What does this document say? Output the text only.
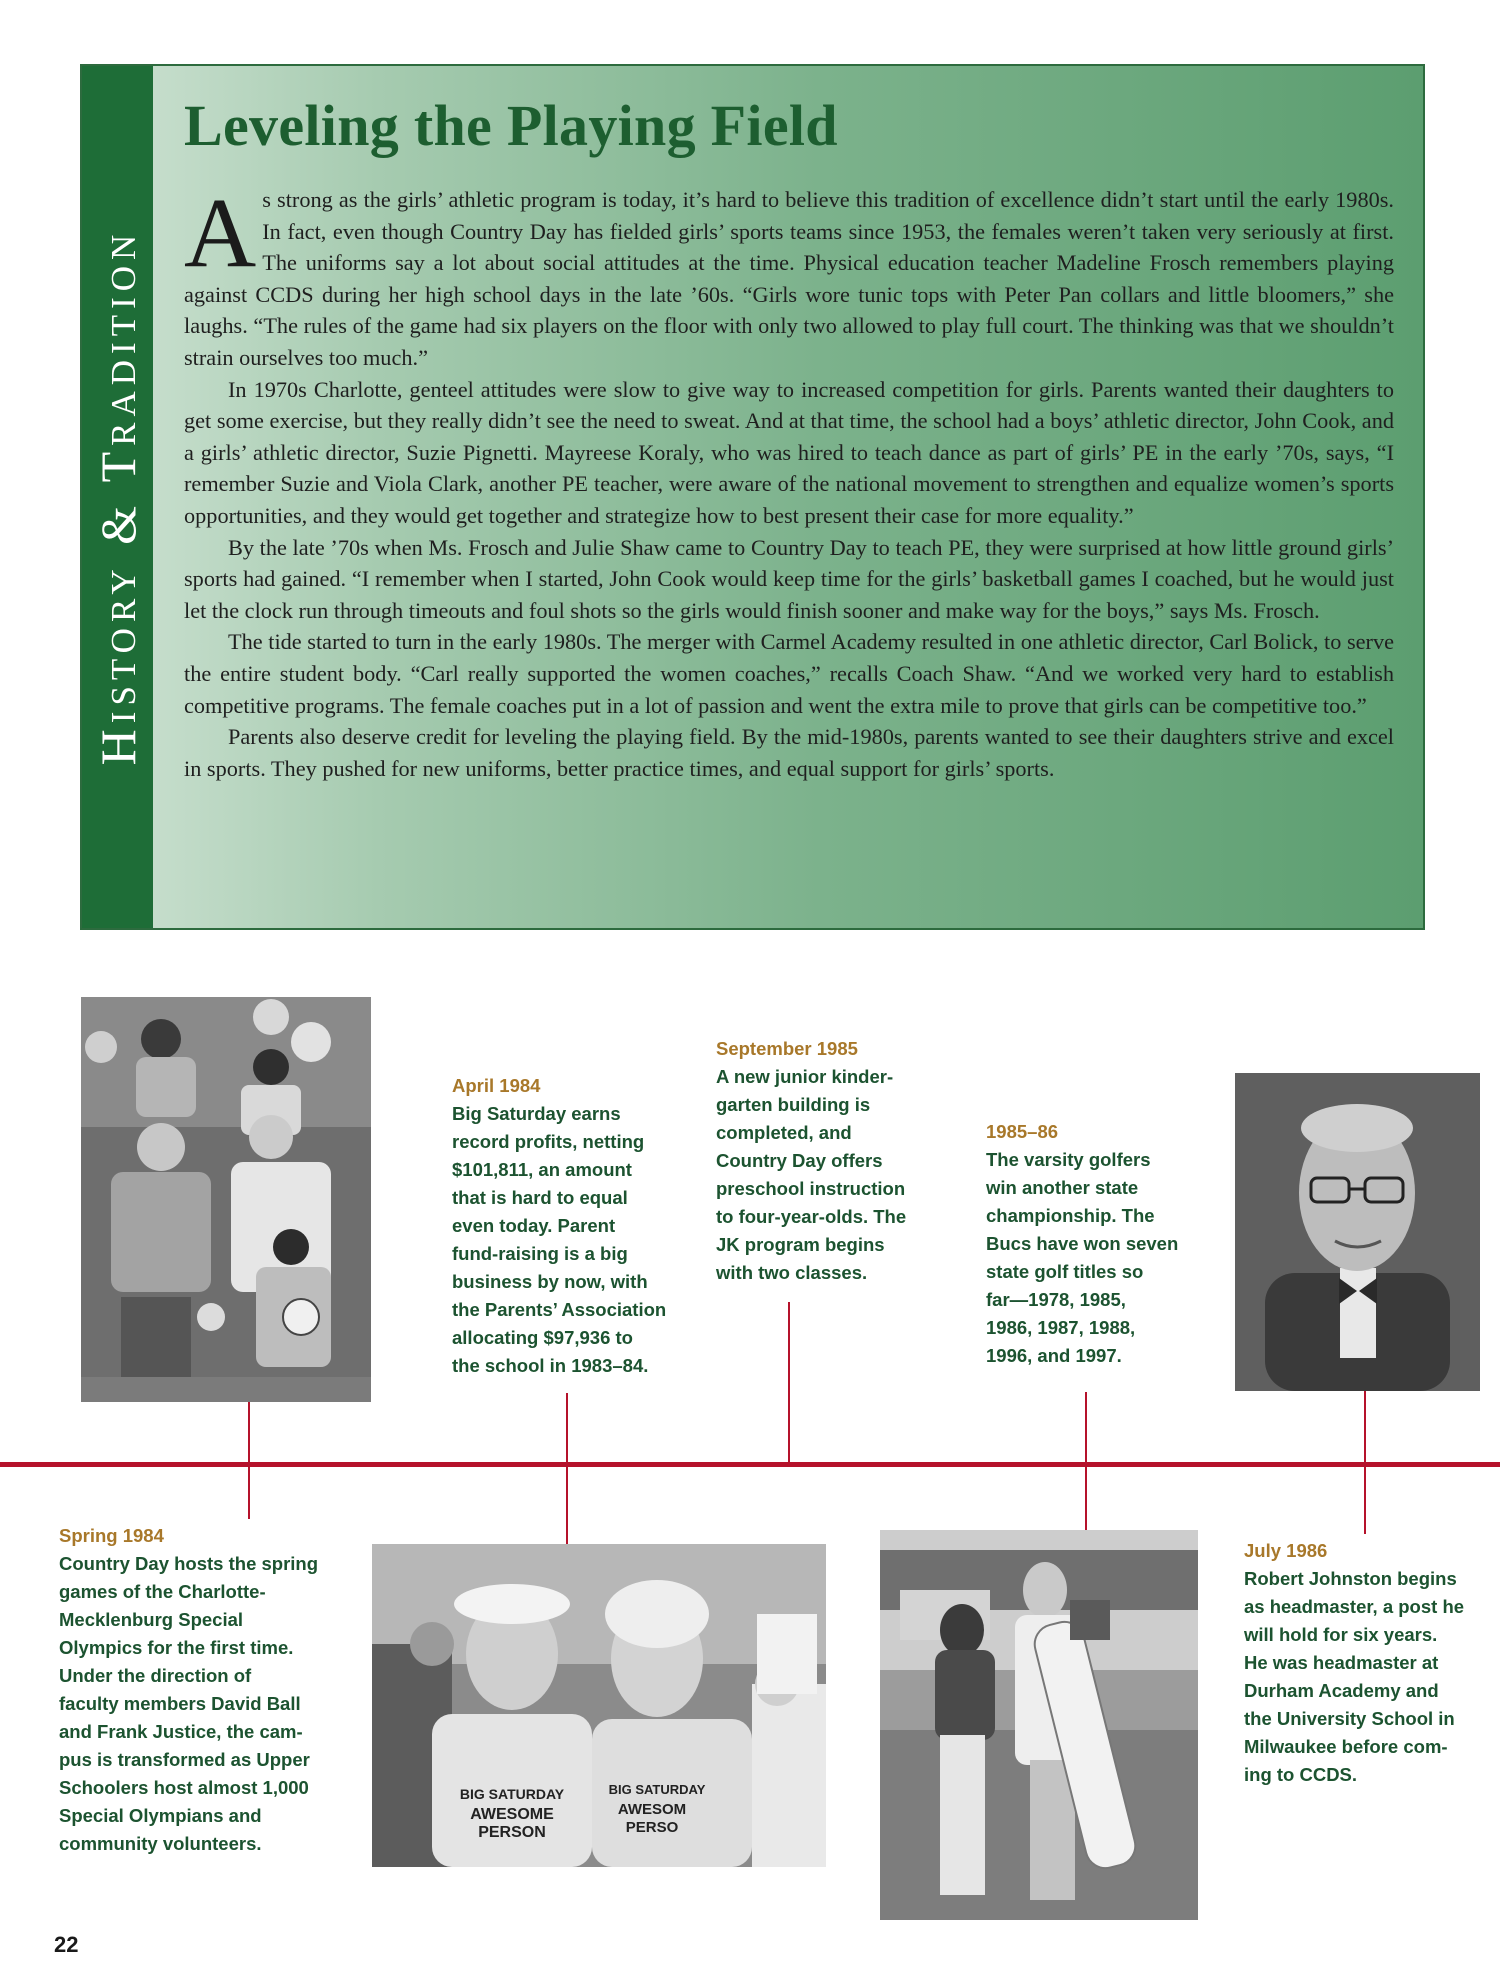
History & Tradition
Leveling the Playing Field

As strong as the girls’ athletic program is today, it’s hard to believe this tradition of excellence didn’t start until the early 1980s. In fact, even though Country Day has fielded girls’ sports teams since 1953, the females weren’t taken very seriously at first. The uniforms say a lot about social attitudes at the time. Physical education teacher Madeline Frosch remembers playing against CCDS during her high school days in the late ’60s. “Girls wore tunic tops with Peter Pan collars and little bloomers,” she laughs. “The rules of the game had six players on the floor with only two allowed to play full court. The thinking was that we shouldn’t strain ourselves too much.”

In 1970s Charlotte, genteel attitudes were slow to give way to increased competition for girls. Parents wanted their daughters to get some exercise, but they really didn’t see the need to sweat. And at that time, the school had a boys’ athletic director, John Cook, and a girls’ athletic director, Suzie Pignetti. Mayreese Koraly, who was hired to teach dance as part of girls’ PE in the early ’70s, says, “I remember Suzie and Viola Clark, another PE teacher, were aware of the national movement to strengthen and equalize women’s sports opportunities, and they would get together and strategize how to best present their case for more equality.”

By the late ’70s when Ms. Frosch and Julie Shaw came to Country Day to teach PE, they were surprised at how little ground girls’ sports had gained. “I remember when I started, John Cook would keep time for the girls’ basketball games I coached, but he would just let the clock run through timeouts and foul shots so the girls would finish sooner and make way for the boys,” says Ms. Frosch.

The tide started to turn in the early 1980s. The merger with Carmel Academy resulted in one athletic director, Carl Bolick, to serve the entire student body. “Carl really supported the women coaches,” recalls Coach Shaw. “And we worked very hard to establish competitive programs. The female coaches put in a lot of passion and went the extra mile to prove that girls can be competitive too.”

Parents also deserve credit for leveling the playing field. By the mid-1980s, parents wanted to see their daughters strive and excel in sports. They pushed for new uniforms, better practice times, and equal support for girls’ sports.

BIG SATURDAY
AWESOME
PERSON
BIG SATURDAY
AWESOM
PERSO
April 1984
Big Saturday earns
record profits, netting
$101,811, an amount
that is hard to equal
even today. Parent
fund-raising is a big
business by now, with
the Parents’ Association
allocating $97,936 to
the school in 1983–84.
September 1985
A new junior kinder-
garten building is
completed, and
Country Day offers
preschool instruction
to four-year-olds. The
JK program begins
with two classes.
1985–86
The varsity golfers
win another state
championship. The
Bucs have won seven
state golf titles so
far—1978, 1985,
1986, 1987, 1988,
1996, and 1997.
Spring 1984
Country Day hosts the spring
games of the Charlotte-
Mecklenburg Special
Olympics for the first time.
Under the direction of
faculty members David Ball
and Frank Justice, the cam-
pus is transformed as Upper
Schoolers host almost 1,000
Special Olympians and
community volunteers.
July 1986
Robert Johnston begins
as headmaster, a post he
will hold for six years.
He was headmaster at
Durham Academy and
the University School in
Milwaukee before com-
ing to CCDS.
22
